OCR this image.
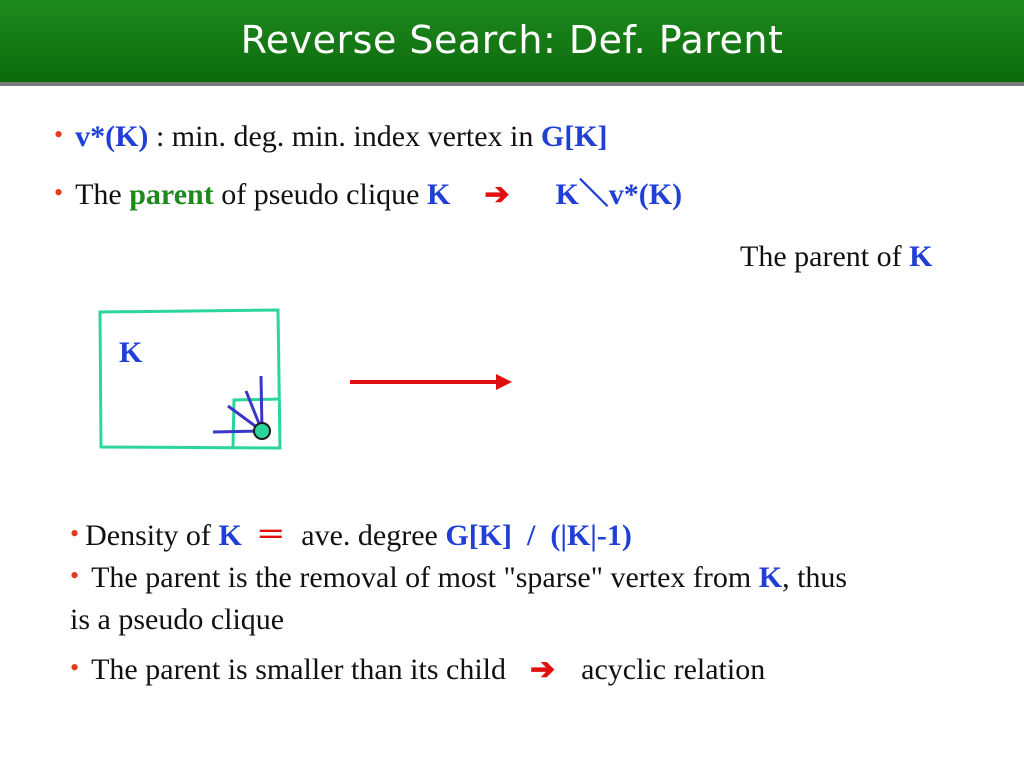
Reverse Search: Def. Parent
• v*(K) : min. deg. min. index vertex in G[K]
• The parent of pseudo clique K ➔ K＼v*(K)
The parent of K
K
• Density of K ＝ ave. degree G[K]  /  (|K|-1)
• The parent is the removal of most "sparse" vertex from K, thus
is a pseudo clique
• The parent is smaller than its child ➔ acyclic relation
